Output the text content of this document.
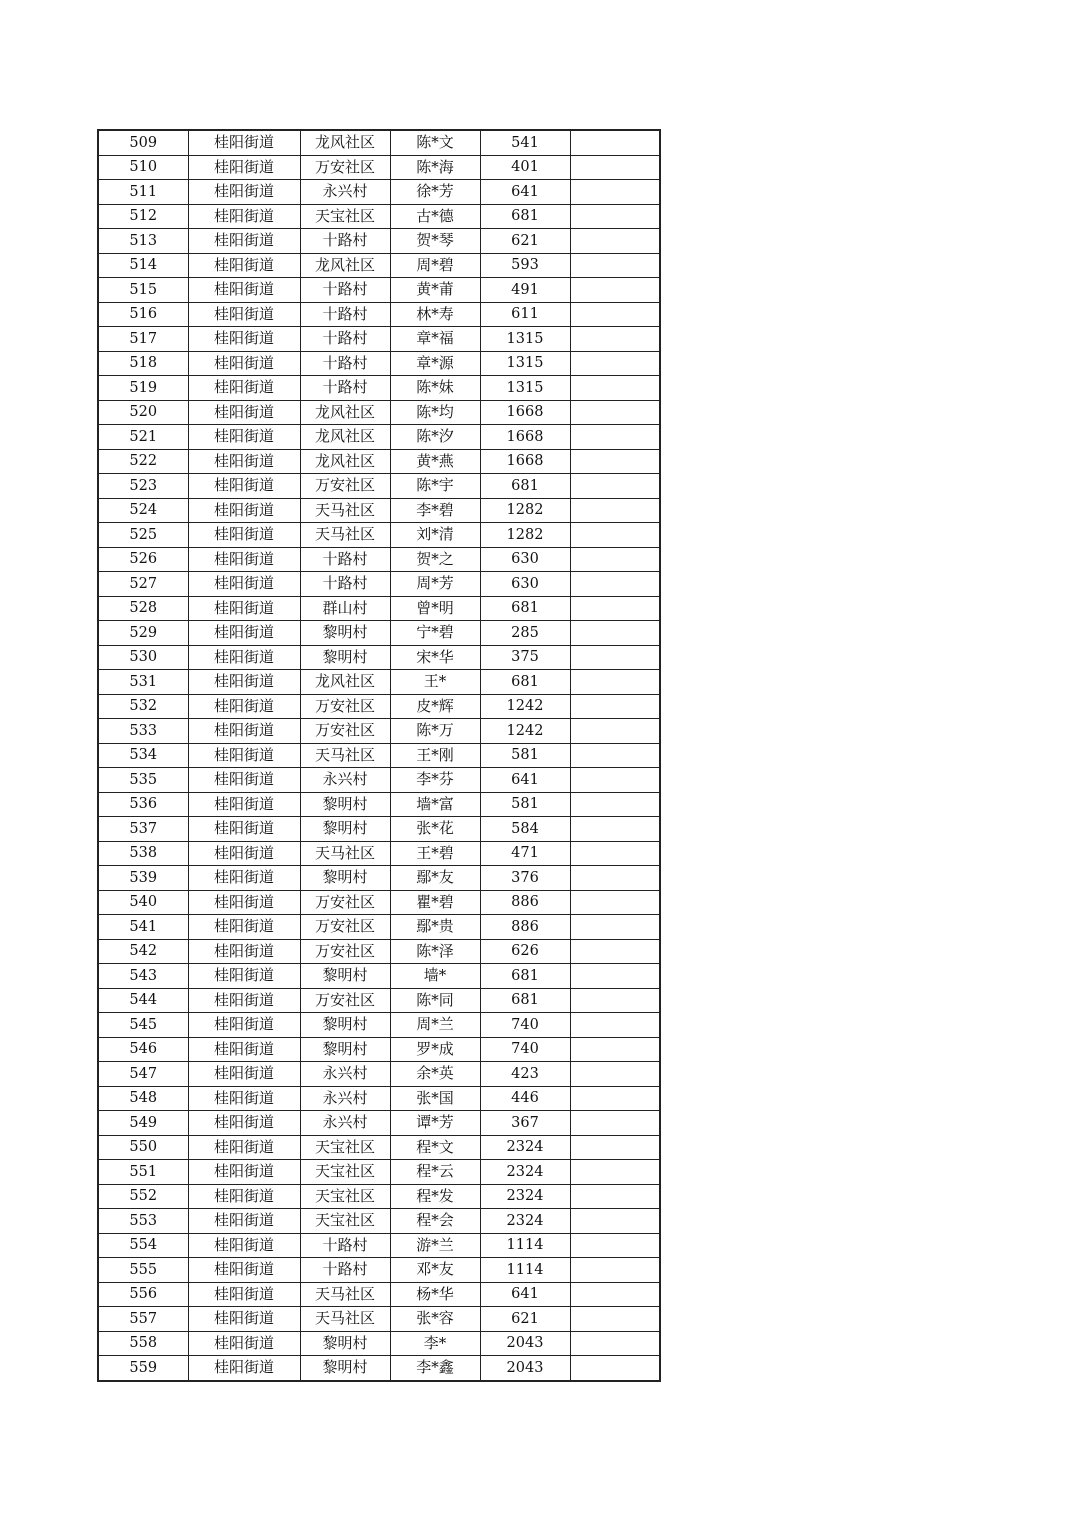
509	桂阳街道	龙风社区	陈*文	541	
510	桂阳街道	万安社区	陈*海	401	
511	桂阳街道	永兴村	徐*芳	641	
512	桂阳街道	天宝社区	古*德	681	
513	桂阳街道	十路村	贺*琴	621	
514	桂阳街道	龙风社区	周*碧	593	
515	桂阳街道	十路村	黄*莆	491	
516	桂阳街道	十路村	林*寿	611	
517	桂阳街道	十路村	章*福	1315	
518	桂阳街道	十路村	章*源	1315	
519	桂阳街道	十路村	陈*妹	1315	
520	桂阳街道	龙风社区	陈*均	1668	
521	桂阳街道	龙风社区	陈*汐	1668	
522	桂阳街道	龙风社区	黄*燕	1668	
523	桂阳街道	万安社区	陈*宇	681	
524	桂阳街道	天马社区	李*碧	1282	
525	桂阳街道	天马社区	刘*清	1282	
526	桂阳街道	十路村	贺*之	630	
527	桂阳街道	十路村	周*芳	630	
528	桂阳街道	群山村	曾*明	681	
529	桂阳街道	黎明村	宁*碧	285	
530	桂阳街道	黎明村	宋*华	375	
531	桂阳街道	龙风社区	王*	681	
532	桂阳街道	万安社区	皮*辉	1242	
533	桂阳街道	万安社区	陈*万	1242	
534	桂阳街道	天马社区	王*刚	581	
535	桂阳街道	永兴村	李*芬	641	
536	桂阳街道	黎明村	墙*富	581	
537	桂阳街道	黎明村	张*花	584	
538	桂阳街道	天马社区	王*碧	471	
539	桂阳街道	黎明村	鄢*友	376	
540	桂阳街道	万安社区	瞿*碧	886	
541	桂阳街道	万安社区	鄢*贵	886	
542	桂阳街道	万安社区	陈*泽	626	
543	桂阳街道	黎明村	墙*	681	
544	桂阳街道	万安社区	陈*同	681	
545	桂阳街道	黎明村	周*兰	740	
546	桂阳街道	黎明村	罗*成	740	
547	桂阳街道	永兴村	余*英	423	
548	桂阳街道	永兴村	张*国	446	
549	桂阳街道	永兴村	谭*芳	367	
550	桂阳街道	天宝社区	程*文	2324	
551	桂阳街道	天宝社区	程*云	2324	
552	桂阳街道	天宝社区	程*发	2324	
553	桂阳街道	天宝社区	程*会	2324	
554	桂阳街道	十路村	游*兰	1114	
555	桂阳街道	十路村	邓*友	1114	
556	桂阳街道	天马社区	杨*华	641	
557	桂阳街道	天马社区	张*容	621	
558	桂阳街道	黎明村	李*	2043	
559	桂阳街道	黎明村	李*鑫	2043	
